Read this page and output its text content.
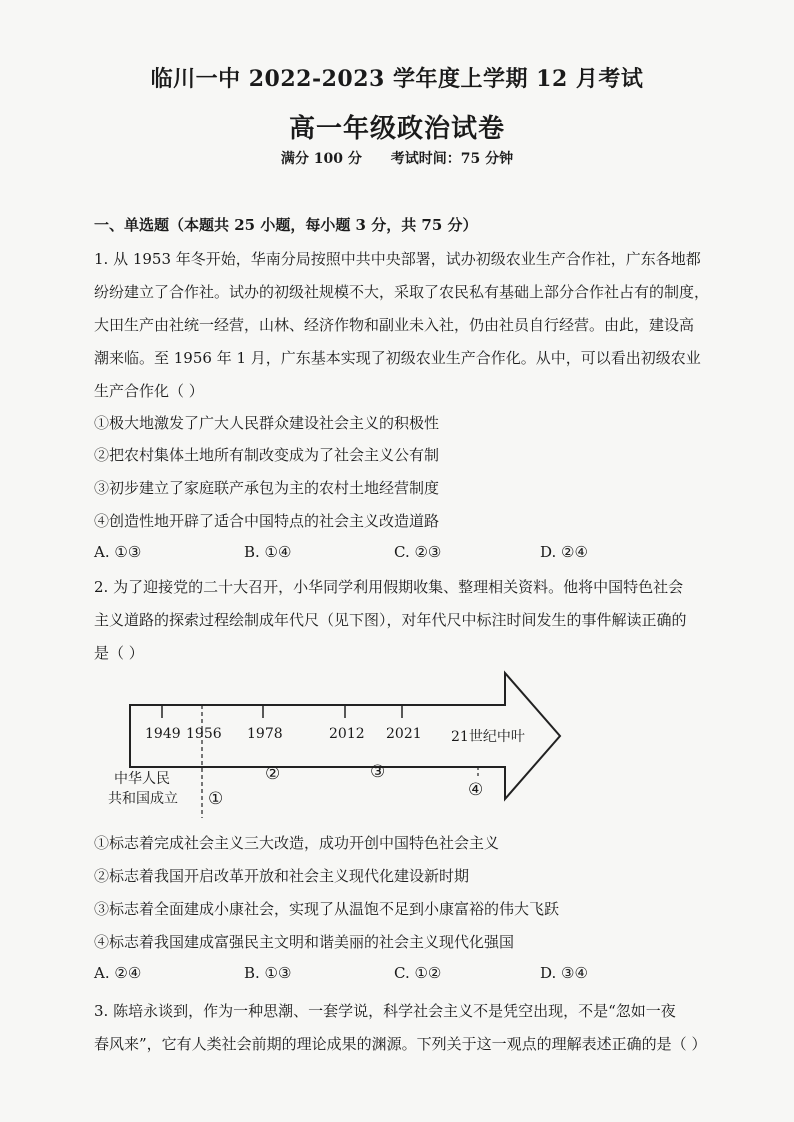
临川一中 2022-2023 学年度上学期 12 月考试
高一年级政治试卷
满分 100 分 考试时间：75 分钟
一、单选题（本题共 25 小题，每小题 3 分，共 75 分）
1. 从 1953 年冬开始，华南分局按照中共中央部署，试办初级农业生产合作社，广东各地都
纷纷建立了合作社。试办的初级社规模不大，采取了农民私有基础上部分合作社占有的制度，
大田生产由社统一经营，山林、经济作物和副业未入社，仍由社员自行经营。由此，建设高
潮来临。至 1956 年 1 月，广东基本实现了初级农业生产合作化。从中，可以看出初级农业
生产合作化（ ）
①极大地激发了广大人民群众建设社会主义的积极性
②把农村集体土地所有制改变成为了社会主义公有制
③初步建立了家庭联产承包为主的农村土地经营制度
④创造性地开辟了适合中国特点的社会主义改造道路
A. ①③	B. ①④	C. ②③	D. ②④
2. 为了迎接党的二十大召开，小华同学利用假期收集、整理相关资料。他将中国特色社会
主义道路的探索过程绘制成年代尺（见下图），对年代尺中标注时间发生的事件解读正确的
是（ ）
1949 1956 1978	2012 2021 21世纪中叶
②	③
①	④
中华人民
共和国成立
①标志着完成社会主义三大改造，成功开创中国特色社会主义
②标志着我国开启改革开放和社会主义现代化建设新时期
③标志着全面建成小康社会，实现了从温饱不足到小康富裕的伟大飞跃
④标志着我国建成富强民主文明和谐美丽的社会主义现代化强国
A. ②④	B. ①③	C. ①②	D. ③④
3. 陈培永谈到，作为一种思潮、一套学说，科学社会主义不是凭空出现，不是“忽如一夜
春风来”，它有人类社会前期的理论成果的渊源。下列关于这一观点的理解表述正确的是（ ）
